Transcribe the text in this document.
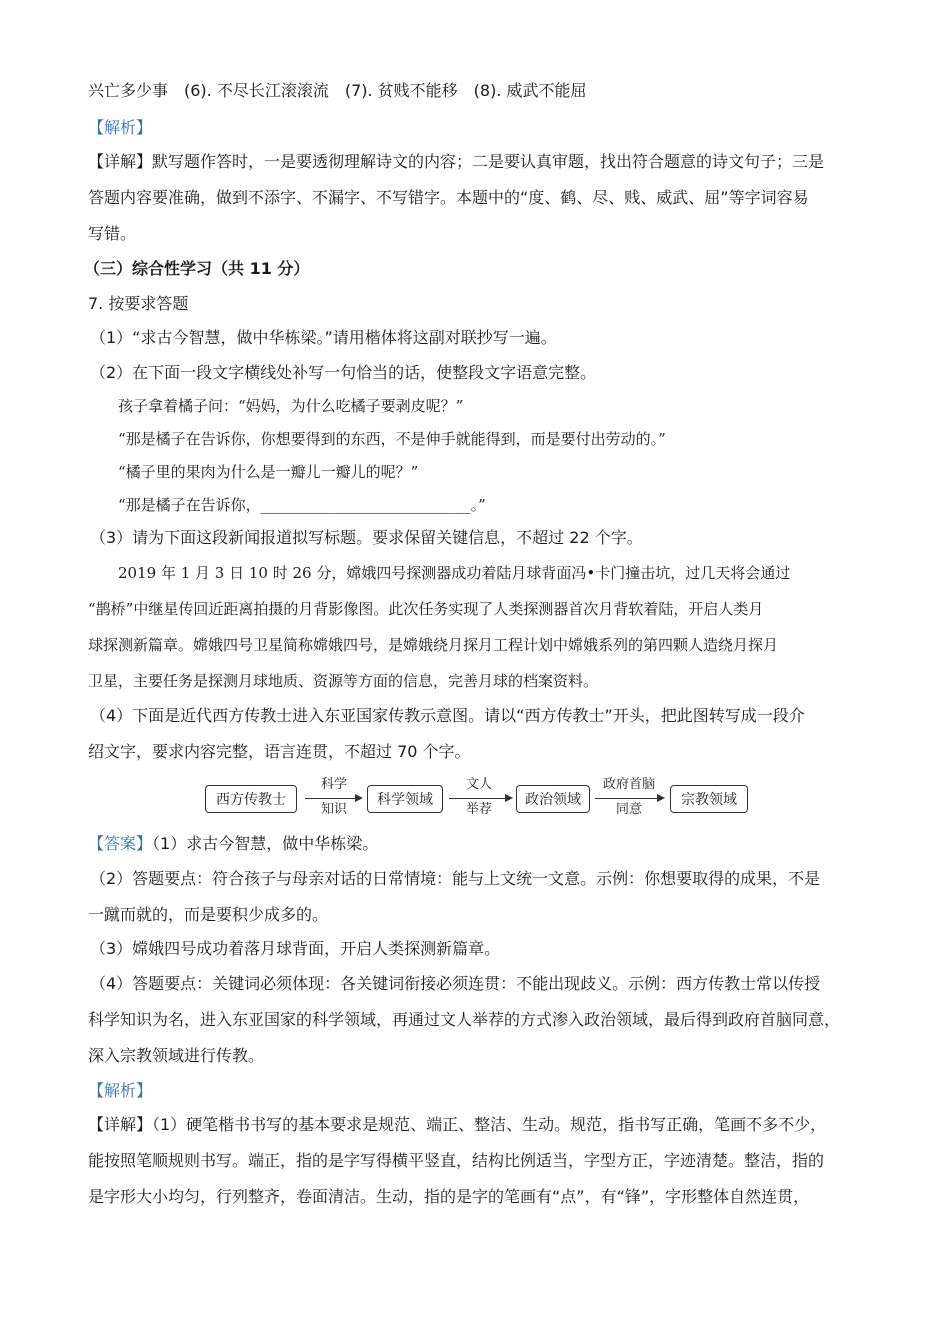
兴亡多少事　(6). 不尽长江滚滚流　(7). 贫贱不能移　(8). 威武不能屈
【解析】
【详解】默写题作答时，一是要透彻理解诗文的内容；二是要认真审题，找出符合题意的诗文句子；三是
答题内容要准确，做到不添字、不漏字、不写错字。本题中的“度、鹤、尽、贱、威武、屈”等字词容易
写错。
（三）综合性学习（共 11 分）
7. 按要求答题
（1）“求古今智慧，做中华栋梁。”请用楷体将这副对联抄写一遍。
（2）在下面一段文字横线处补写一句恰当的话，使整段文字语意完整。
孩子拿着橘子问：“妈妈，为什么吃橘子要剥皮呢？”
“那是橘子在告诉你，你想要得到的东西，不是伸手就能得到，而是要付出劳动的。”
“橘子里的果肉为什么是一瓣儿一瓣儿的呢？”
“那是橘子在告诉你，____________________________。”
（3）请为下面这段新闻报道拟写标题。要求保留关键信息，不超过 22 个字。
2019 年 1 月 3 日 10 时 26 分，嫦娥四号探测器成功着陆月球背面冯•卡门撞击坑，过几天将会通过
“鹊桥”中继星传回近距离拍摄的月背影像图。此次任务实现了人类探测器首次月背软着陆，开启人类月
球探测新篇章。嫦娥四号卫星简称嫦娥四号，是嫦娥绕月探月工程计划中嫦娥系列的第四颗人造绕月探月
卫星，主要任务是探测月球地质、资源等方面的信息，完善月球的档案资料。
（4）下面是近代西方传教士进入东亚国家传教示意图。请以“西方传教士”开头，把此图转写成一段介
绍文字，要求内容完整，语言连贯，不超过 70 个字。
西方传教士
科学
知识
科学领域
文人
举荐
政治领域
政府首脑
同意
宗教领域
【答案】（1）求古今智慧，做中华栋梁。
（2）答题要点：符合孩子与母亲对话的日常情境：能与上文统一文意。示例：你想要取得的成果，不是
一蹴而就的，而是要积少成多的。
（3）嫦娥四号成功着落月球背面，开启人类探测新篇章。
（4）答题要点：关键词必须体现：各关键词衔接必须连贯：不能出现歧义。示例：西方传教士常以传授
科学知识为名，进入东亚国家的科学领域，再通过文人举荐的方式渗入政治领域，最后得到政府首脑同意，
深入宗教领域进行传教。
【解析】
【详解】（1）硬笔楷书书写的基本要求是规范、端正、整洁、生动。规范，指书写正确，笔画不多不少，
能按照笔顺规则书写。端正，指的是字写得横平竖直，结构比例适当，字型方正，字迹清楚。整洁，指的
是字形大小均匀，行列整齐，卷面清洁。生动，指的是字的笔画有“点”，有“锋”，字形整体自然连贯，
